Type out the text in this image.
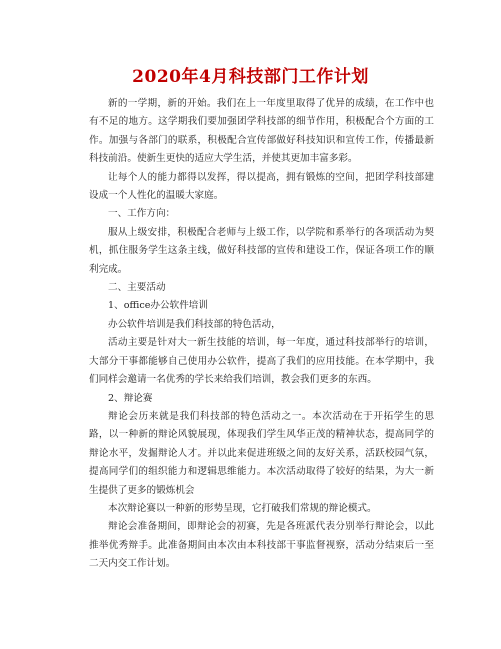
2020年4月科技部门工作计划

新的一学期，新的开始。我们在上一年度里取得了优异的成绩，在工作中也有不足的地方。这学期我们要加强团学科技部的细节作用，积极配合个方面的工作。加强与各部门的联系，积极配合宣传部做好科技知识和宣传工作，传播最新科技前沿。使新生更快的适应大学生活，并使其更加丰富多彩。

让每个人的能力都得以发挥，得以提高，拥有锻炼的空间，把团学科技部建设成一个人性化的温暖大家庭。

一、工作方向：

服从上级安排，积极配合老师与上级工作，以学院和系举行的各项活动为契机，抓住服务学生这条主线，做好科技部的宣传和建设工作，保证各项工作的顺利完成。

二、主要活动

1、office办公软件培训

办公软件培训是我们科技部的特色活动，

活动主要是针对大一新生技能的培训，每一年度，通过科技部举行的培训，大部分干事都能够自己使用办公软件，提高了我们的应用技能。在本学期中，我们同样会邀请一名优秀的学长来给我们培训，教会我们更多的东西。

2、辩论赛

辩论会历来就是我们科技部的特色活动之一。本次活动在于开拓学生的思路，以一种新的辩论风貌展现，体现我们学生风华正茂的精神状态，提高同学的辩论水平，发掘辩论人才。并以此来促进班级之间的友好关系，活跃校园气氛，提高同学们的组织能力和逻辑思维能力。本次活动取得了较好的结果，为大一新生提供了更多的锻炼机会

本次辩论赛以一种新的形势呈现，它打破我们常规的辩论模式。

辩论会准备期间，即辩论会的初赛，先是各班派代表分别举行辩论会，以此推举优秀辩手。此准备期间由本次由本科技部干事监督视察，活动分结束后一至二天内交工作计划。
